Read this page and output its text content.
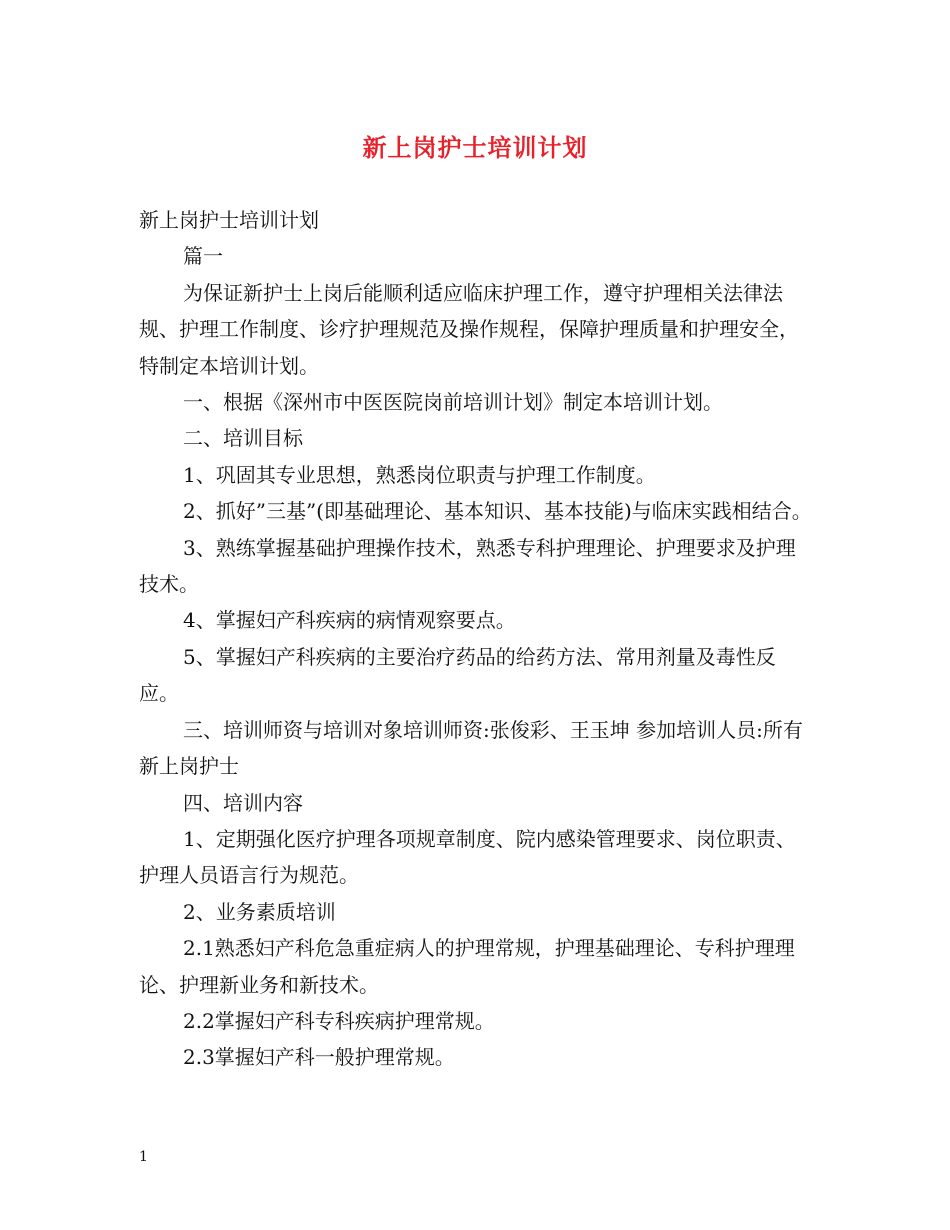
新上岗护士培训计划

新上岗护士培训计划

篇一

为保证新护士上岗后能顺利适应临床护理工作，遵守护理相关法律法规、护理工作制度、诊疗护理规范及操作规程，保障护理质量和护理安全，特制定本培训计划。

一、根据《深州市中医医院岗前培训计划》制定本培训计划。

二、培训目标

1、巩固其专业思想，熟悉岗位职责与护理工作制度。

2、抓好”三基”(即基础理论、基本知识、基本技能)与临床实践相结合。

3、熟练掌握基础护理操作技术，熟悉专科护理理论、护理要求及护理技术。

4、掌握妇产科疾病的病情观察要点。

5、掌握妇产科疾病的主要治疗药品的给药方法、常用剂量及毒性反应。

三、培训师资与培训对象培训师资:张俊彩、王玉坤 参加培训人员:所有新上岗护士

四、培训内容

1、定期强化医疗护理各项规章制度、院内感染管理要求、岗位职责、护理人员语言行为规范。

2、业务素质培训

2.1熟悉妇产科危急重症病人的护理常规，护理基础理论、专科护理理论、护理新业务和新技术。

2.2掌握妇产科专科疾病护理常规。

2.3掌握妇产科一般护理常规。

1
